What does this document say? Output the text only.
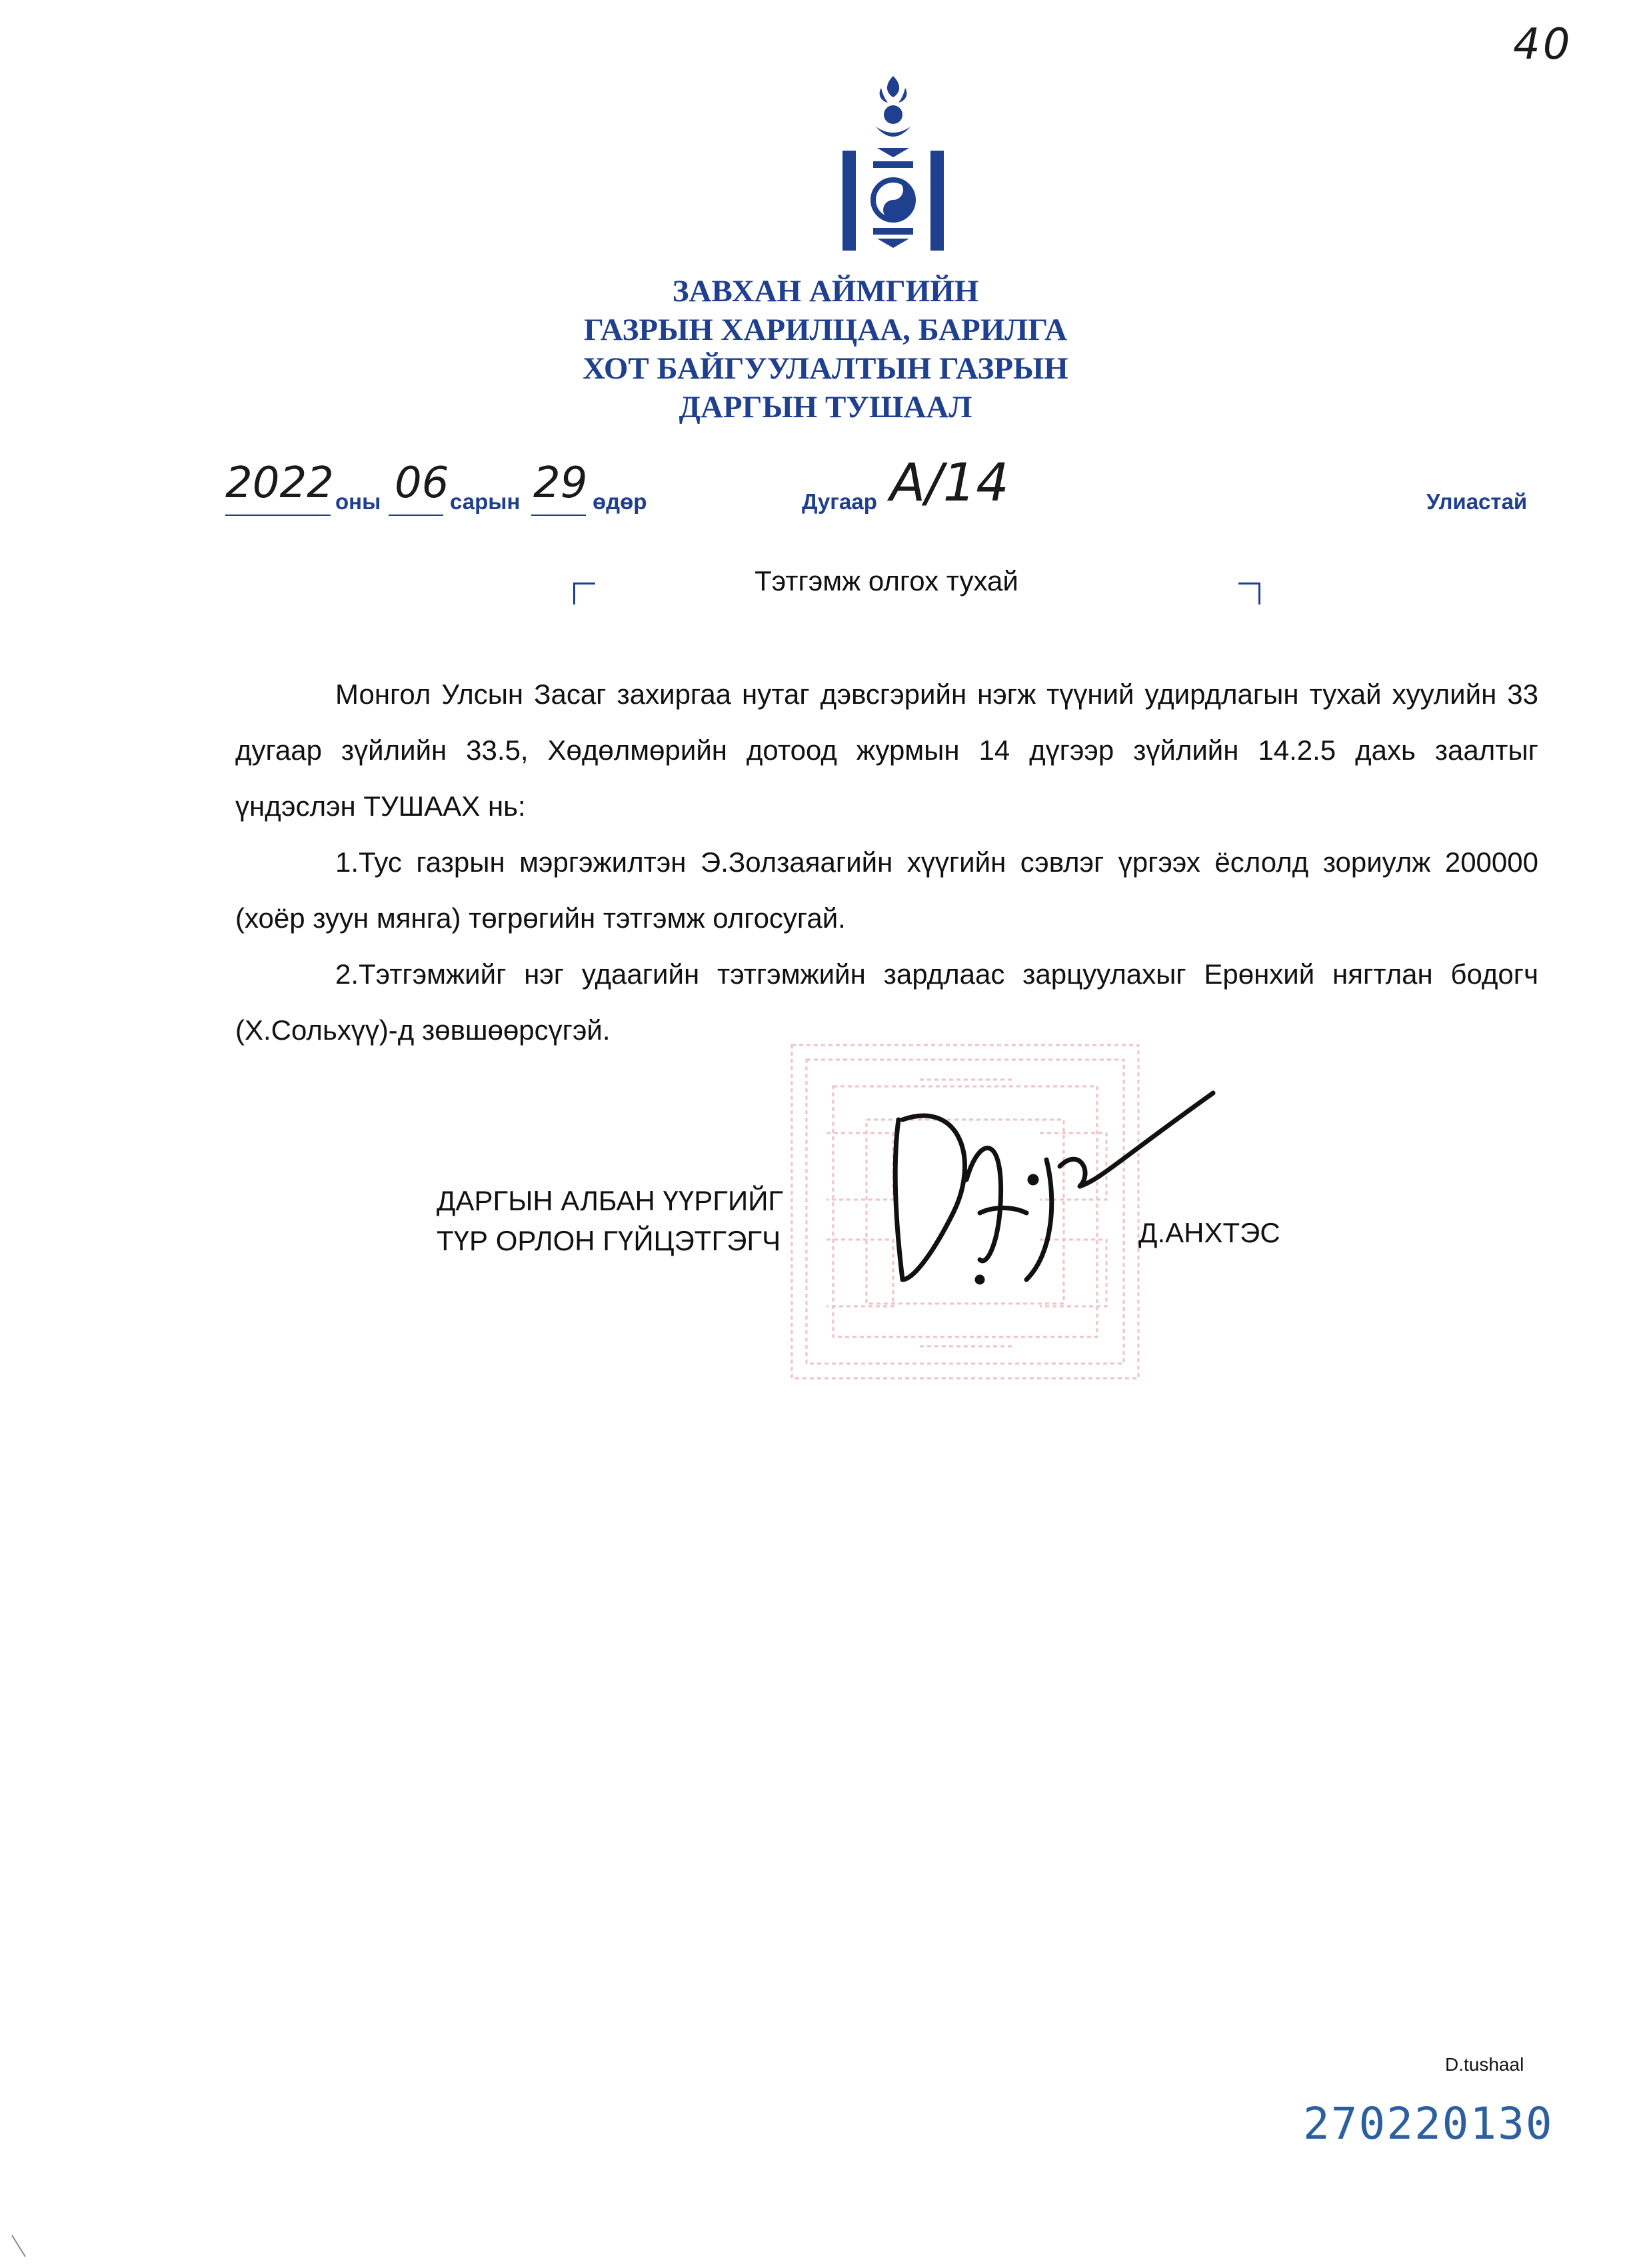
40
ЗАВХАН АЙМГИЙН
ГАЗРЫН ХАРИЛЦАА, БАРИЛГА
ХОТ БАЙГУУЛАЛТЫН ГАЗРЫН
ДАРГЫН ТУШААЛ
2022 оны 06 сарын 29 өдөр	Дугаар А/14	Улиастай
Тэтгэмж олгох тухай

Монгол Улсын Засаг захиргаа нутаг дэвсгэрийн нэгж түүний удирдлагын тухай хуулийн 33 дугаар зүйлийн 33.5, Хөдөлмөрийн дотоод журмын 14 дүгээр зүйлийн 14.2.5 дахь заалтыг үндэслэн ТУШААХ нь:

1.Тус газрын мэргэжилтэн Э.Золзаяагийн хүүгийн сэвлэг үргээх ёслолд зориулж 200000 (хоёр зуун мянга) төгрөгийн тэтгэмж олгосугай.

2.Тэтгэмжийг нэг удаагийн тэтгэмжийн зардлаас зарцуулахыг Ерөнхий нягтлан бодогч (Х.Сольхүү)-д зөвшөөрсүгэй.

ДАРГЫН АЛБАН ҮҮРГИЙГ
ТҮР ОРЛОН ГҮЙЦЭТГЭГЧ	Д.АНХТЭС
D.tushaal
270220130
